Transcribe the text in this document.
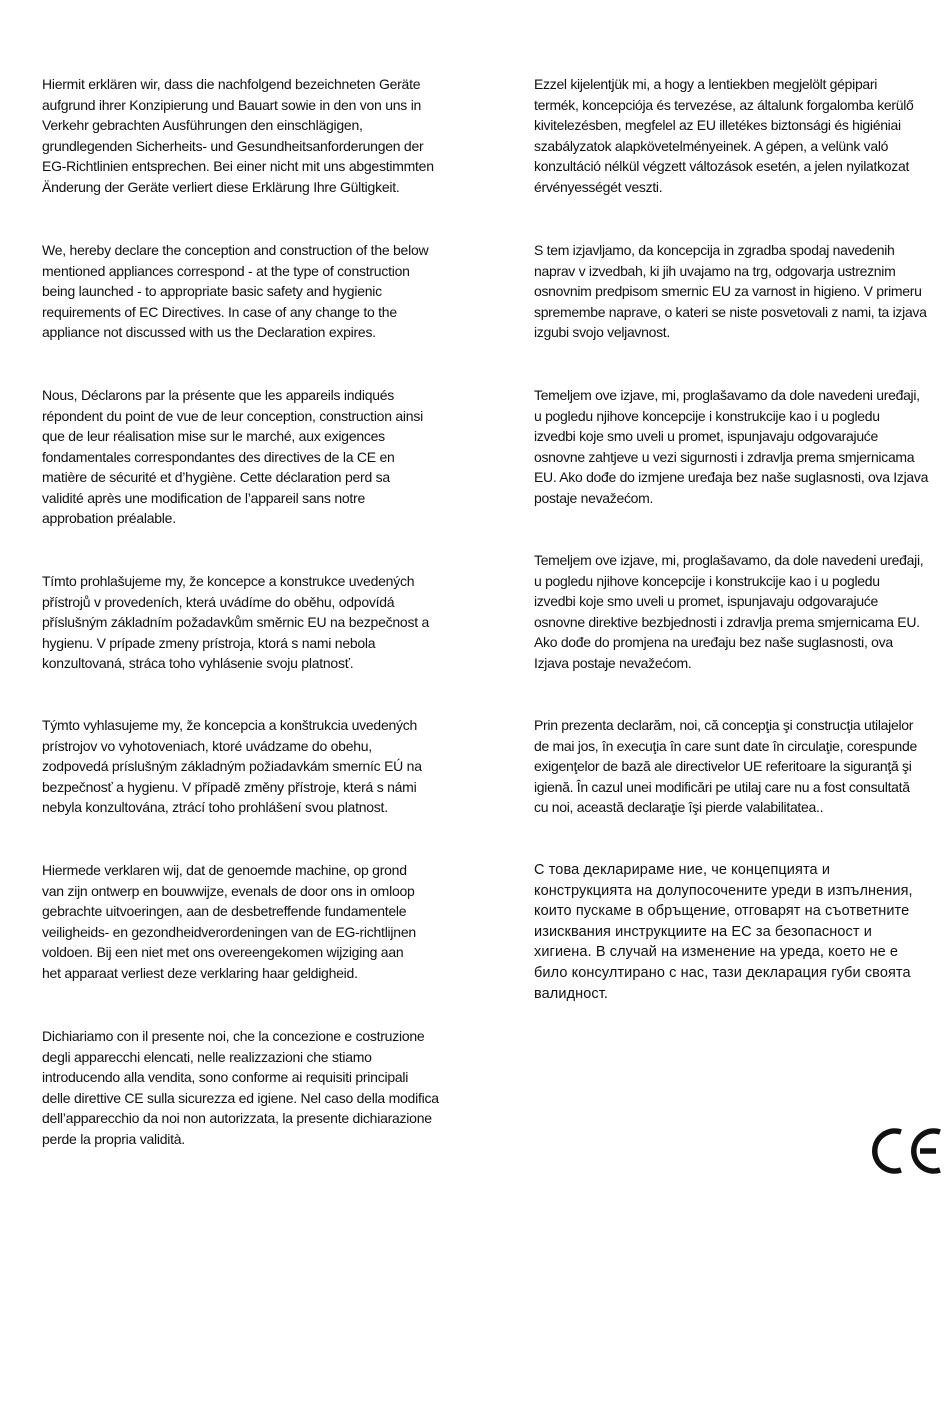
Hiermit erklären wir, dass die nachfolgend bezeichneten Geräte
aufgrund ihrer Konzipierung und Bauart sowie in den von uns in
Verkehr gebrachten Ausführungen den einschlägigen,
grundlegenden Sicherheits- und Gesundheitsanforderungen der
EG-Richtlinien entsprechen. Bei einer nicht mit uns abgestimmten
Änderung der Geräte verliert diese Erklärung Ihre Gültigkeit.

We, hereby declare the conception and construction of the below
mentioned appliances correspond - at the type of construction
being launched - to appropriate basic safety and hygienic
requirements of EC Directives. In case of any change to the
appliance not discussed with us the Declaration expires.

Nous, Déclarons par la présente que les appareils indiqués
répondent du point de vue de leur conception, construction ainsi
que de leur réalisation mise sur le marché, aux exigences
fondamentales correspondantes des directives de la CE en
matière de sécurité et d’hygiène. Cette déclaration perd sa
validité après une modification de l’appareil sans notre
approbation préalable.

Tímto prohlašujeme my, že koncepce a konstrukce uvedených
přístrojů v provedeních, která uvádíme do oběhu, odpovídá
příslušným základním požadavkům směrnic EU na bezpečnost a
hygienu. V prípade zmeny prístroja, ktorá s nami nebola
konzultovaná, stráca toho vyhlásenie svoju platnosť.

Týmto vyhlasujeme my, že koncepcia a konštrukcia uvedených
prístrojov vo vyhotoveniach, ktoré uvádzame do obehu,
zodpovedá príslušným základným požiadavkám smerníc EÚ na
bezpečnosť a hygienu. V případě změny přístroje, která s námi
nebyla konzultována, ztrácí toho prohlášení svou platnost.

Hiermede verklaren wij, dat de genoemde machine, op grond
van zijn ontwerp en bouwwijze, evenals de door ons in omloop
gebrachte uitvoeringen, aan de desbetreffende fundamentele
veiligheids- en gezondheidverordeningen van de EG-richtlijnen
voldoen. Bij een niet met ons overeengekomen wijziging aan
het apparaat verliest deze verklaring haar geldigheid.

Dichiariamo con il presente noi, che la concezione e costruzione
degli apparecchi elencati, nelle realizzazioni che stiamo
introducendo alla vendita, sono conforme ai requisiti principali
delle direttive CE sulla sicurezza ed igiene. Nel caso della modifica
dell’apparecchio da noi non autorizzata, la presente dichiarazione
perde la propria validità.

Ezzel kijelentjük mi, a hogy a lentiekben megjelölt gépipari
termék, koncepciója és tervezése, az általunk forgalomba kerülő
kivitelezésben, megfelel az EU illetékes biztonsági és higiéniai
szabályzatok alapkövetelményeinek. A gépen, a velünk való
konzultáció nélkül végzett változások esetén, a jelen nyilatkozat
érvényességét veszti.

S tem izjavljamo, da koncepcija in zgradba spodaj navedenih
naprav v izvedbah, ki jih uvajamo na trg, odgovarja ustreznim
osnovnim predpisom smernic EU za varnost in higieno. V primeru
spremembe naprave, o kateri se niste posvetovali z nami, ta izjava
izgubi svojo veljavnost.

Temeljem ove izjave, mi, proglašavamo da dole navedeni uređaji,
u pogledu njihove koncepcije i konstrukcije kao i u pogledu
izvedbi koje smo uveli u promet, ispunjavaju odgovarajuće
osnovne zahtjeve u vezi sigurnosti i zdravlja prema smjernicama
EU. Ako dođe do izmjene uređaja bez naše suglasnosti, ova Izjava
postaje nevažećom.

Temeljem ove izjave, mi, proglašavamo, da dole navedeni uređaji,
u pogledu njihove koncepcije i konstrukcije kao i u pogledu
izvedbi koje smo uveli u promet, ispunjavaju odgovarajuće
osnovne direktive bezbjednosti i zdravlja prema smjernicama EU.
Ako dođe do promjena na uređaju bez naše suglasnosti, ova
Izjava postaje nevažećom.

Prin prezenta declarăm, noi, că concepţia şi construcţia utilajelor
de mai jos, în execuţia în care sunt date în circulaţie, corespunde
exigenţelor de bază ale directivelor UE referitoare la siguranţă şi
igienă. În cazul unei modificări pe utilaj care nu a fost consultată
cu noi, această declaraţie îşi pierde valabilitatea..

С това декларираме ние, че концепцията и
конструкцията на долупосочените уреди в изпълнения,
които пускаме в обръщение, отговарят на съответните
изисквания инструкциите на ЕС за безопасност и
хигиена. В случай на изменение на уреда, което не е
било консултирано с нас, тази декларация губи своята
валидност.
